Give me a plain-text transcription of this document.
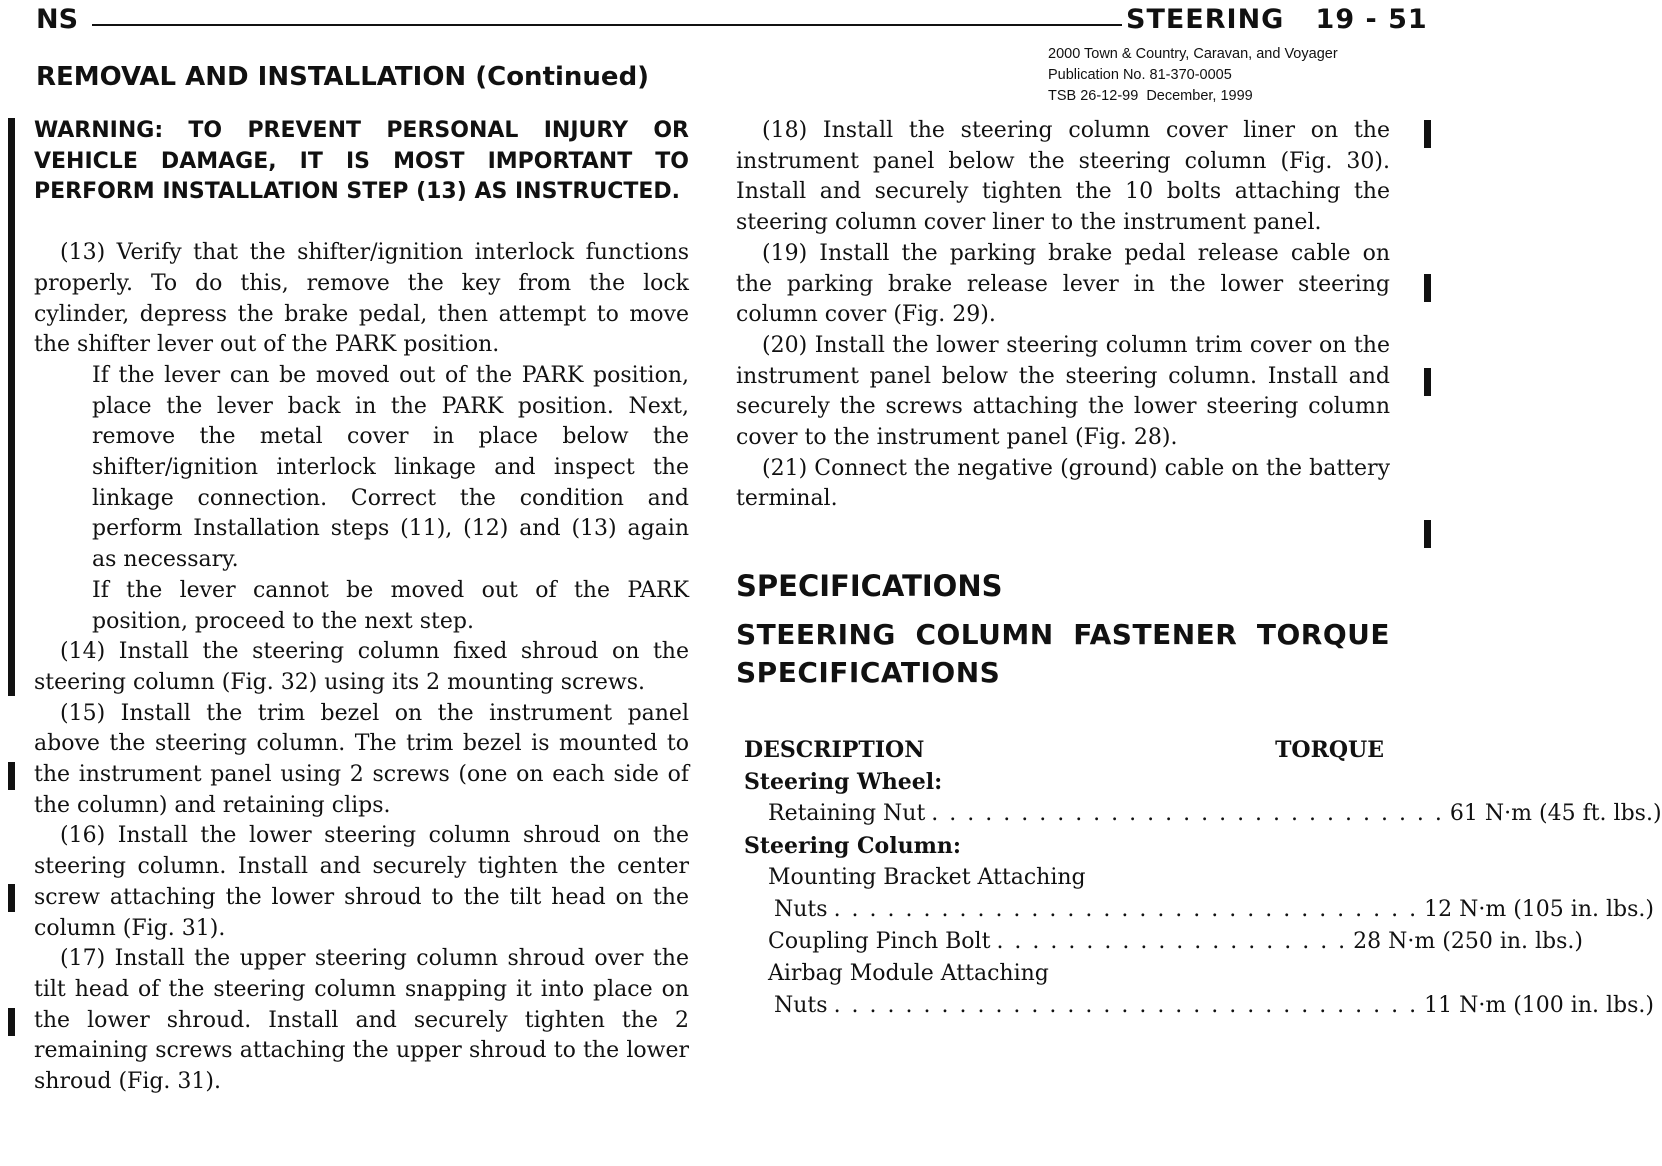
NS	STEERING   19 - 51
2000 Town & Country, Caravan, and Voyager
Publication No. 81-370-0005
TSB 26-12-99  December, 1999
REMOVAL AND INSTALLATION (Continued)

WARNING: TO PREVENT PERSONAL INJURY OR VEHICLE DAMAGE, IT IS MOST IMPORTANT TO PERFORM INSTALLATION STEP (13) AS INSTRUCTED.

(13) Verify that the shifter/ignition interlock functions properly. To do this, remove the key from the lock cylinder, depress the brake pedal, then attempt to move the shifter lever out of the PARK position.

If the lever can be moved out of the PARK position, place the lever back in the PARK position. Next, remove the metal cover in place below the shifter/ignition interlock linkage and inspect the linkage connection. Correct the condition and perform Installation steps (11), (12) and (13) again as necessary.

If the lever cannot be moved out of the PARK position, proceed to the next step.

(14) Install the steering column fixed shroud on the steering column (Fig. 32) using its 2 mounting screws.

(15) Install the trim bezel on the instrument panel above the steering column. The trim bezel is mounted to the instrument panel using 2 screws (one on each side of the column) and retaining clips.

(16) Install the lower steering column shroud on the steering column. Install and securely tighten the center screw attaching the lower shroud to the tilt head on the column (Fig. 31).

(17) Install the upper steering column shroud over the tilt head of the steering column snapping it into place on the lower shroud. Install and securely tighten the 2 remaining screws attaching the upper shroud to the lower shroud (Fig. 31).

(18) Install the steering column cover liner on the instrument panel below the steering column (Fig. 30). Install and securely tighten the 10 bolts attaching the steering column cover liner to the instrument panel.

(19) Install the parking brake pedal release cable on the parking brake release lever in the lower steering column cover (Fig. 29).

(20) Install the lower steering column trim cover on the instrument panel below the steering column. Install and securely the screws attaching the lower steering column cover to the instrument panel (Fig. 28).

(21) Connect the negative (ground) cable on the battery terminal.

SPECIFICATIONS
STEERING COLUMN FASTENER TORQUE SPECIFICATIONS
DESCRIPTION	TORQUE
Steering Wheel:
Retaining Nut . . . . . . . . . . . . . . . . . . . . . . . . . . . . . 61 N·m (45 ft. lbs.)
Steering Column:
Mounting Bracket Attaching
Nuts . . . . . . . . . . . . . . . . . . . . . . . . . . . . . . . . . 12 N·m (105 in. lbs.)
Coupling Pinch Bolt . . . . . . . . . . . . . . . . . . . . 28 N·m (250 in. lbs.)
Airbag Module Attaching
Nuts . . . . . . . . . . . . . . . . . . . . . . . . . . . . . . . . . 11 N·m (100 in. lbs.)
